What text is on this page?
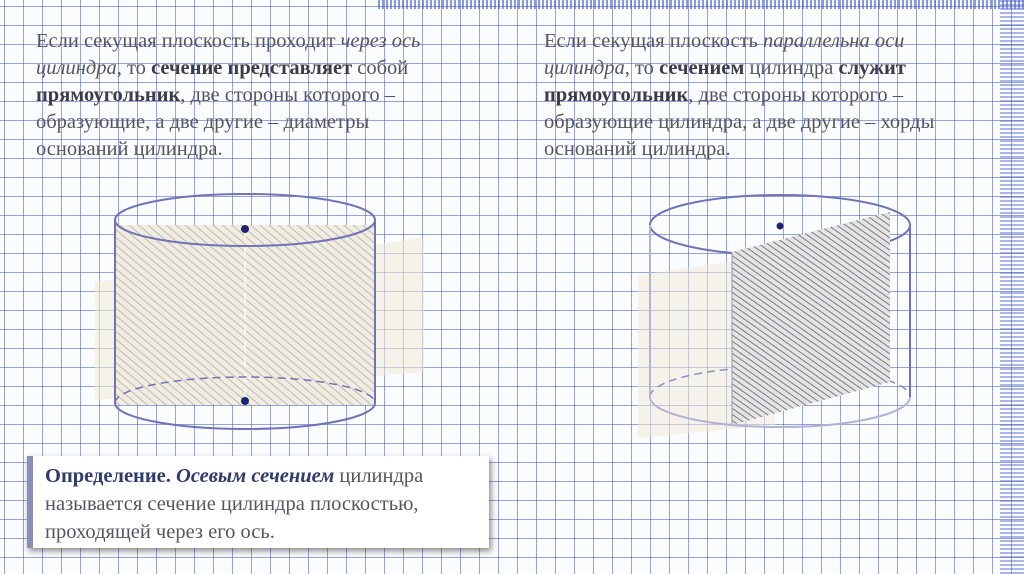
Если секущая плоскость проходит через ось цилиндра, то сечение представляет собой прямоугольник, две стороны которого – образующие, а две другие – диаметры оснований цилиндра.

Если секущая плоскость параллельна оси цилиндра, то сечением цилиндра служит прямоугольник, две стороны которого – образующие цилиндра, а две другие – хорды оснований цилиндра.

Определение. Осевым сечением цилиндра называется сечение цилиндра плоскостью, проходящей через его ось.
